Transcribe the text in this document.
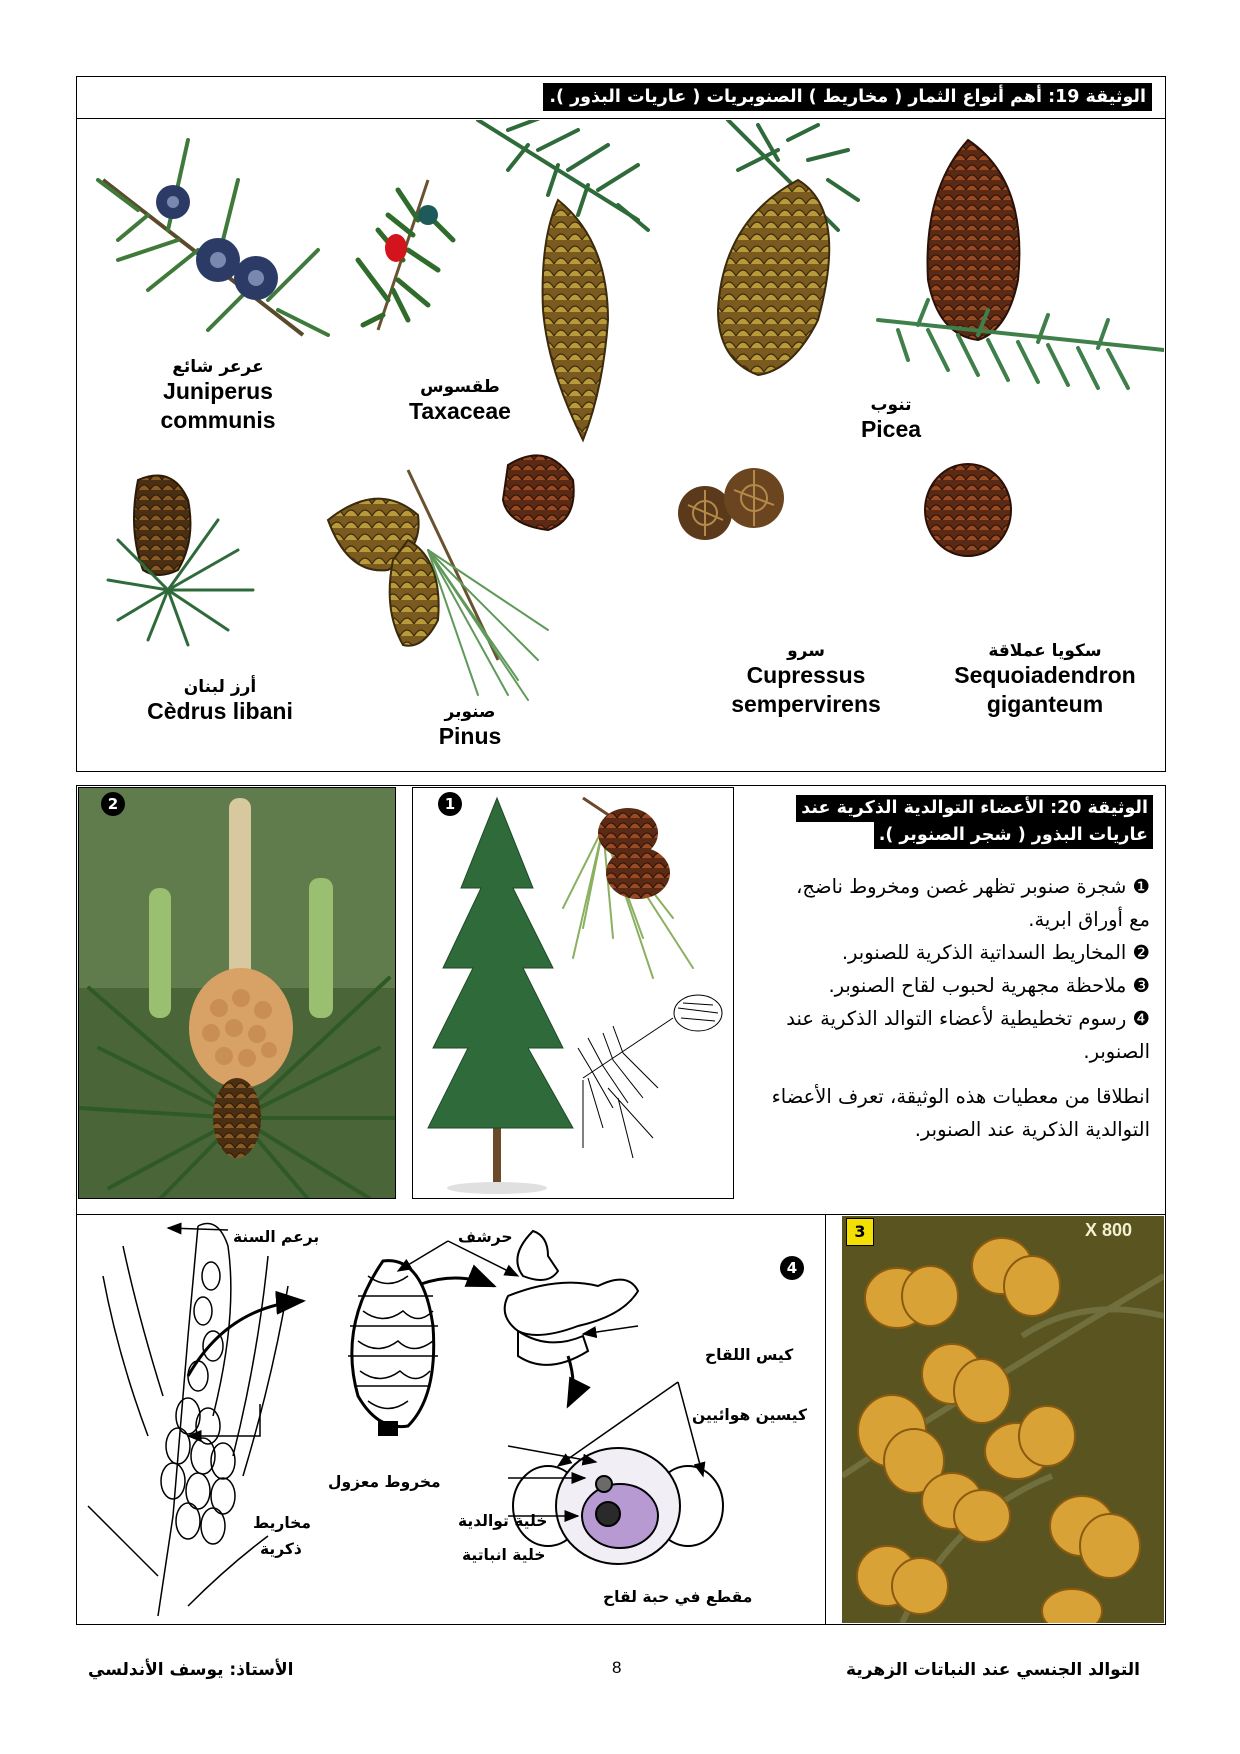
الوثيقة 19: أهم أنواع الثمار ( مخاريط ) الصنوبريات ( عاريات البذور ).
عرعر شائع
Juniperus
communis
طقسوس
Taxaceae	تنوب
Picea
أرز لبنان
Cèdrus libani	صنوبر
Pinus
سرو
Cupressus
sempervirens
سكويا عملاقة
Sequoiadendron
giganteum
2	1	الوثيقة 20: الأعضاء التوالدية الذكرية عند
عاريات البذور ( شجر الصنوبر ).
❶ شجرة صنوبر تظهر غصن ومخروط ناضج، مع أوراق ابرية.
❷ المخاريط السداتية الذكرية للصنوبر.
❸ ملاحظة مجهرية لحبوب لقاح الصنوبر.
❹ رسوم تخطيطية لأعضاء التوالد الذكرية عند الصنوبر.
انطلاقا من معطيات هذه الوثيقة، تعرف الأعضاء التوالدية الذكرية عند الصنوبر.
4
برعم السنة	حرشف
كيس اللقاح
كيسين هوائيين
مخروط معزول
مخاريط
ذكرية
خلية توالدية
خلية انباتية
مقطع في حبة لقاح
3	X 800
التوالد الجنسي عند النباتات الزهرية
8
الأستاذ: يوسف الأندلسي
